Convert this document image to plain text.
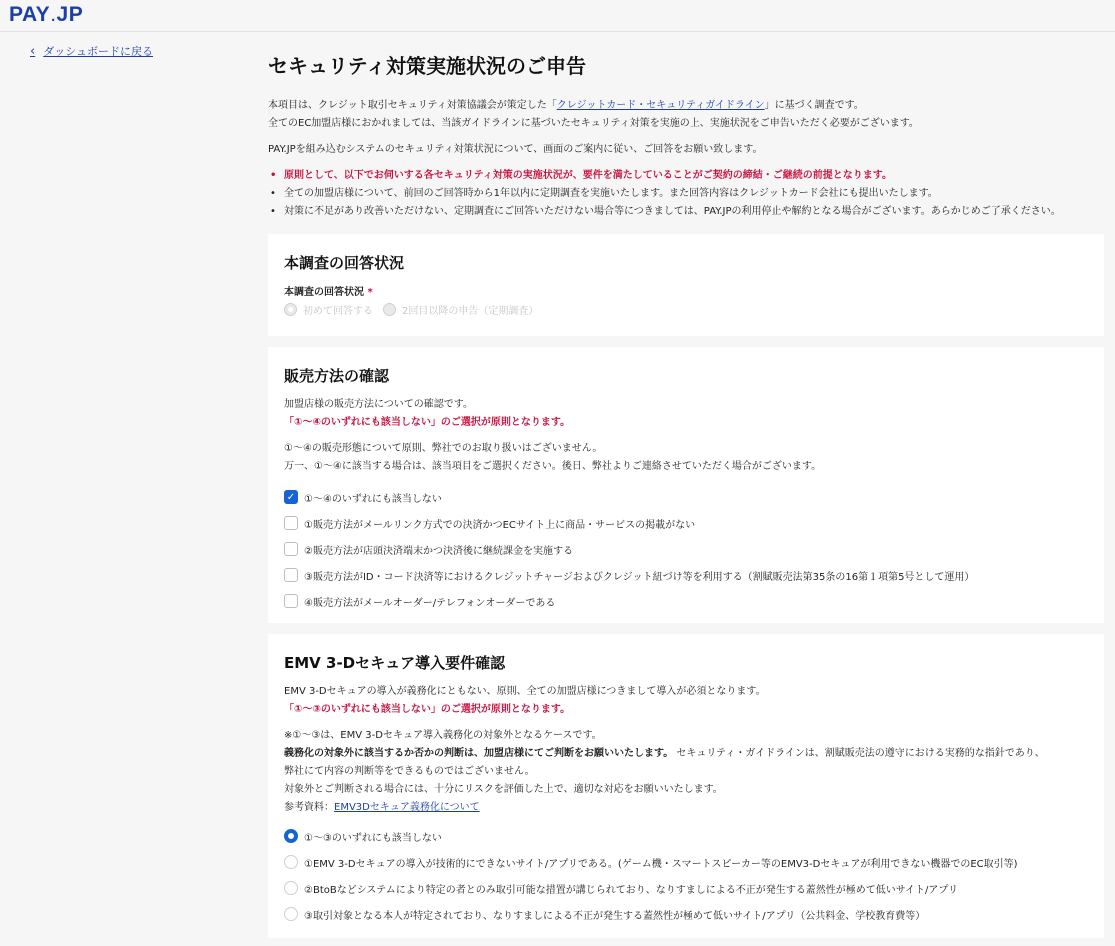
PAY.JP
‹ ダッシュボードに戻る
セキュリティ対策実施状況のご申告
本項目は、クレジット取引セキュリティ対策協議会が策定した「クレジットカード・セキュリティガイドライン」に基づく調査です。

全てのEC加盟店様におかれましては、当該ガイドラインに基づいたセキュリティ対策を実施の上、実施状況をご申告いただく必要がございます。

PAY.JPを組み込むシステムのセキュリティ対策状況について、画面のご案内に従い、ご回答をお願い致します。

• 原則として、以下でお伺いする各セキュリティ対策の実施状況が、要件を満たしていることがご契約の締結・ご継続の前提となります。
• 全ての加盟店様について、前回のご回答時から1年以内に定期調査を実施いたします。また回答内容はクレジットカード会社にも提出いたします。
• 対策に不足があり改善いただけない、定期調査にご回答いただけない場合等につきましては、PAY.JPの利用停止や解約となる場合がございます。あらかじめご了承ください。
本調査の回答状況
本調査の回答状況 *
初めて回答する	2回目以降の申告（定期調査）
販売方法の確認
加盟店様の販売方法についての確認です。
「①〜④のいずれにも該当しない」のご選択が原則となります。
①〜④の販売形態について原則、弊社でのお取り扱いはございません。
万一、①〜④に該当する場合は、該当項目をご選択ください。後日、弊社よりご連絡させていただく場合がございます。
✓ ①〜④のいずれにも該当しない
①販売方法がメールリンク方式での決済かつECサイト上に商品・サービスの掲載がない
②販売方法が店頭決済端末かつ決済後に継続課金を実施する
③販売方法がID・コード決済等におけるクレジットチャージおよびクレジット紐づけ等を利用する（割賦販売法第35条の16第１項第5号として運用）
④販売方法がメールオーダー/テレフォンオーダーである
EMV 3-Dセキュア導入要件確認
EMV 3-Dセキュアの導入が義務化にともない、原則、全ての加盟店様につきまして導入が必須となります。
「①〜③のいずれにも該当しない」のご選択が原則となります。
※①〜③は、EMV 3-Dセキュア導入義務化の対象外となるケースです。
義務化の対象外に該当するか否かの判断は、加盟店様にてご判断をお願いいたします。 セキュリティ・ガイドラインは、割賦販売法の遵守における実務的な指針であり、
弊社にて内容の判断等をできるものではございません。
対象外とご判断される場合には、十分にリスクを評価した上で、適切な対応をお願いいたします。
参考資料：EMV3Dセキュア義務化について
①〜③のいずれにも該当しない
①EMV 3-Dセキュアの導入が技術的にできないサイト/アプリである。(ゲーム機・スマートスピーカー等のEMV3-Dセキュアが利用できない機器でのEC取引等)
②BtoBなどシステムにより特定の者とのみ取引可能な措置が講じられており、なりすましによる不正が発生する蓋然性が極めて低いサイト/アプリ
③取引対象となる本人が特定されており、なりすましによる不正が発生する蓋然性が極めて低いサイト/アプリ（公共料金、学校教育費等）
